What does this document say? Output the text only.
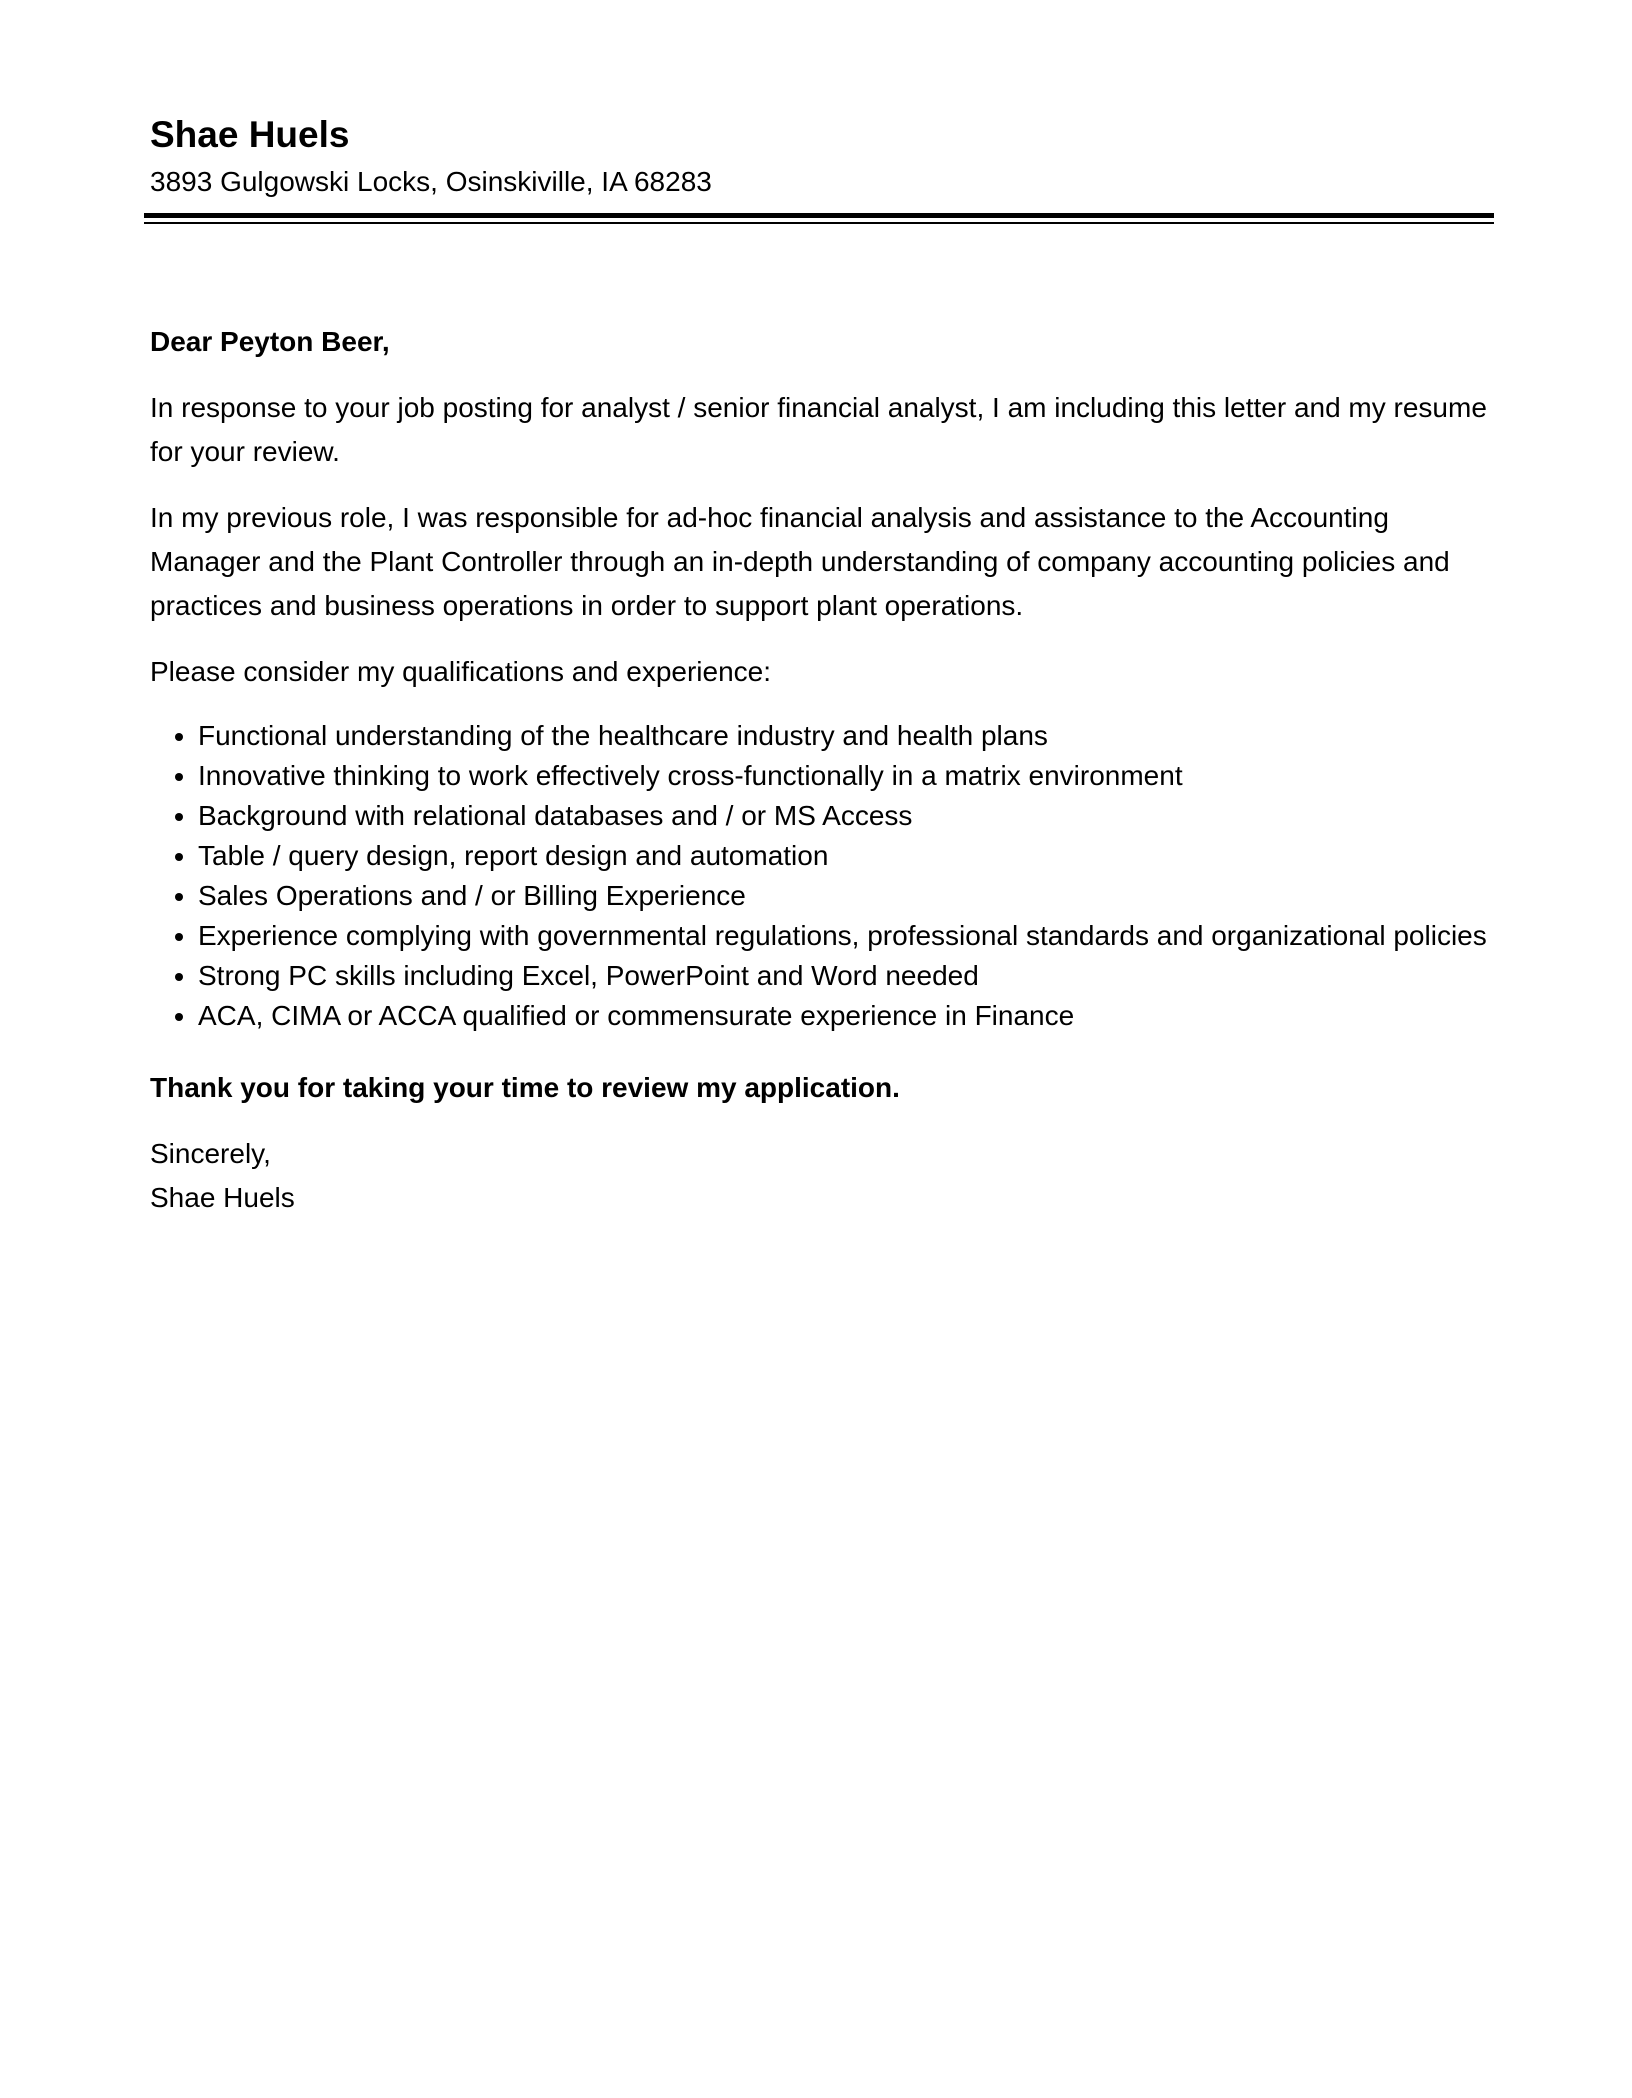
Shae Huels

3893 Gulgowski Locks, Osinskiville, IA 68283

Dear Peyton Beer,

In response to your job posting for analyst / senior financial analyst, I am including this letter and my resume for your review.

In my previous role, I was responsible for ad-hoc financial analysis and assistance to the Accounting Manager and the Plant Controller through an in-depth understanding of company accounting policies and practices and business operations in order to support plant operations.

Please consider my qualifications and experience:

• Functional understanding of the healthcare industry and health plans
• Innovative thinking to work effectively cross-functionally in a matrix environment
• Background with relational databases and / or MS Access
• Table / query design, report design and automation
• Sales Operations and / or Billing Experience
• Experience complying with governmental regulations, professional standards and organizational policies
• Strong PC skills including Excel, PowerPoint and Word needed
• ACA, CIMA or ACCA qualified or commensurate experience in Finance

Thank you for taking your time to review my application.

Sincerely,

Shae Huels
